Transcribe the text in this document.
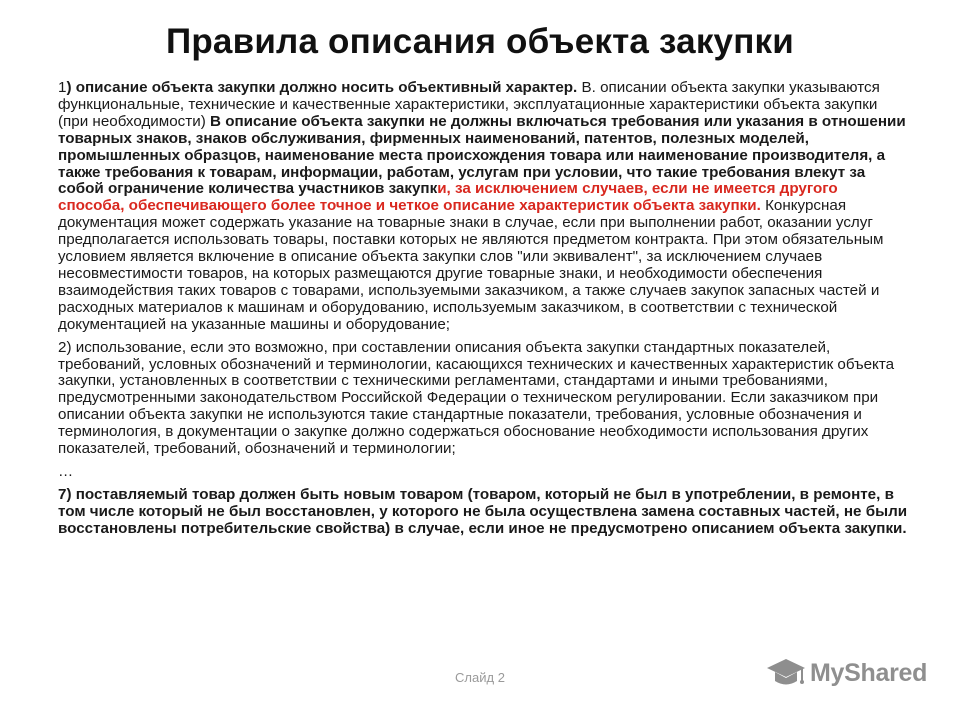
Правила описания объекта закупки

1) описание объекта закупки должно носить объективный характер. В. описании объекта закупки указываются функциональные, технические и качественные характеристики, эксплуатационные характеристики объекта закупки (при необходимости) В описание объекта закупки не должны включаться требования или указания в отношении товарных знаков, знаков обслуживания, фирменных наименований, патентов, полезных моделей, промышленных образцов, наименование места происхождения товара или наименование производителя, а также требования к товарам, информации, работам, услугам при условии, что такие требования влекут за собой ограничение количества участников закупки, за исключением случаев, если не имеется другого способа, обеспечивающего более точное и четкое описание характеристик объекта закупки. Конкурсная документация может содержать указание на товарные знаки в случае, если при выполнении работ, оказании услуг предполагается использовать товары, поставки которых не являются предметом контракта. При этом обязательным условием является включение в описание объекта закупки слов "или эквивалент", за исключением случаев несовместимости товаров, на которых размещаются другие товарные знаки, и необходимости обеспечения взаимодействия таких товаров с товарами, используемыми заказчиком, а также случаев закупок запасных частей и расходных материалов к машинам и оборудованию, используемым заказчиком, в соответствии с технической документацией на указанные машины и оборудование;

2) использование, если это возможно, при составлении описания объекта закупки стандартных показателей, требований, условных обозначений и терминологии, касающихся технических и качественных характеристик объекта закупки, установленных в соответствии с техническими регламентами, стандартами и иными требованиями, предусмотренными законодательством Российской Федерации о техническом регулировании. Если заказчиком при описании объекта закупки не используются такие стандартные показатели, требования, условные обозначения и терминология, в документации о закупке должно содержаться обоснование необходимости использования других показателей, требований, обозначений и терминологии;

…

7) поставляемый товар должен быть новым товаром (товаром, который не был в употреблении, в ремонте, в том числе который не был восстановлен, у которого не была осуществлена замена составных частей, не были восстановлены потребительские свойства) в случае, если иное не предусмотрено описанием объекта закупки.

Слайд 2	MyShared
